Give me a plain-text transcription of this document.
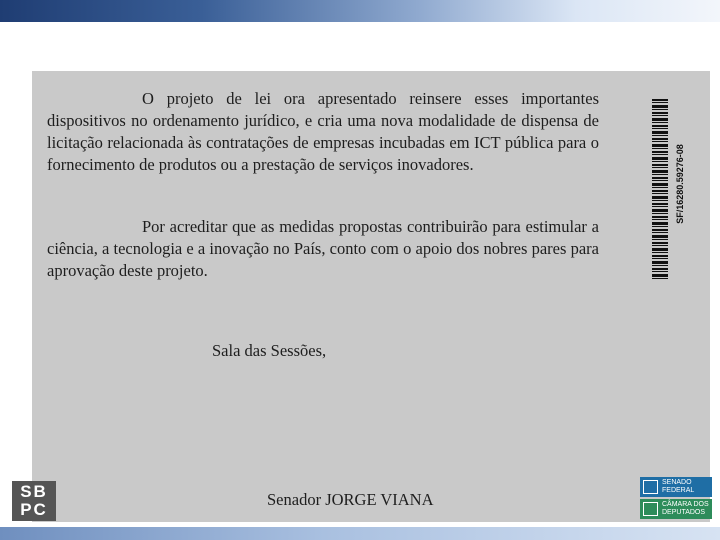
O projeto de lei ora apresentado reinsere esses importantes dispositivos no ordenamento jurídico, e cria uma nova modalidade de dispensa de licitação relacionada às contratações de empresas incubadas em ICT pública para o fornecimento de produtos ou a prestação de serviços inovadores.

Por acreditar que as medidas propostas contribuirão para estimular a ciência, a tecnologia e a inovação no País, conto com o apoio dos nobres pares para aprovação deste projeto.

Sala das Sessões,

Senador JORGE VIANA

SF/16280.59276-08
SB
PC
SENADO
FEDERAL
CÂMARA DOS
DEPUTADOS
